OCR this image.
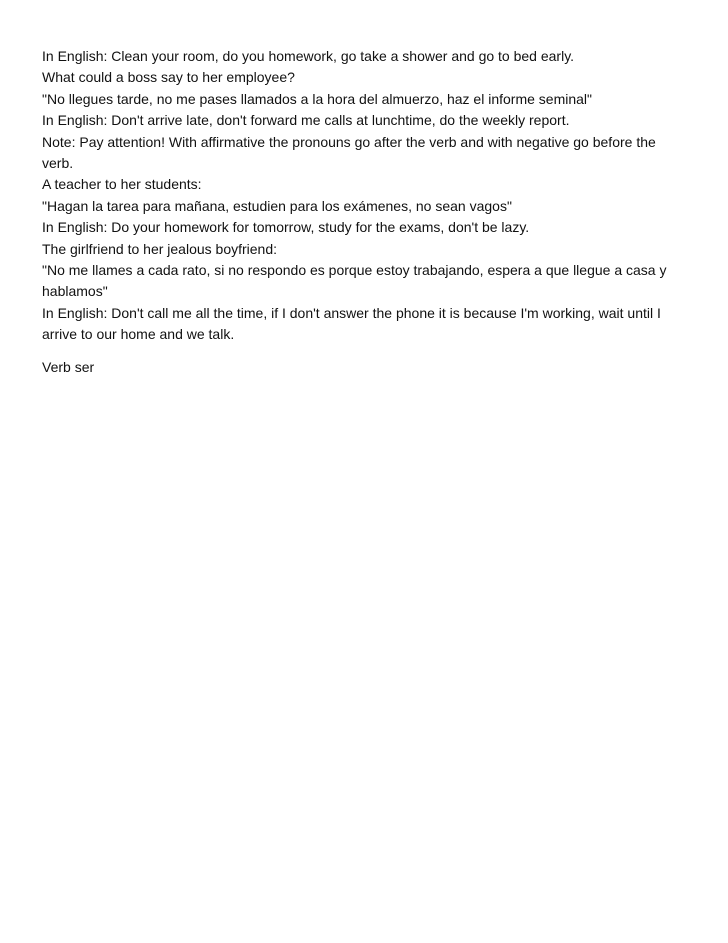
In English: Clean your room, do you homework, go take a shower and go to bed early.
What could a boss say to her employee?
"No llegues tarde, no me pases llamados a la hora del almuerzo, haz el informe seminal"
In English: Don't arrive late, don't forward me calls at lunchtime, do the weekly report.
Note: Pay attention! With affirmative the pronouns go after the verb and with negative go before the
verb.
A teacher to her students:
"Hagan la tarea para mañana, estudien para los exámenes, no sean vagos"
In English: Do your homework for tomorrow, study for the exams, don't be lazy.
The girlfriend to her jealous boyfriend:
"No me llames a cada rato, si no respondo es porque estoy trabajando, espera a que llegue a casa y
hablamos"
In English: Don't call me all the time, if I don't answer the phone it is because I'm working, wait until I
arrive to our home and we talk.
Verb ser
